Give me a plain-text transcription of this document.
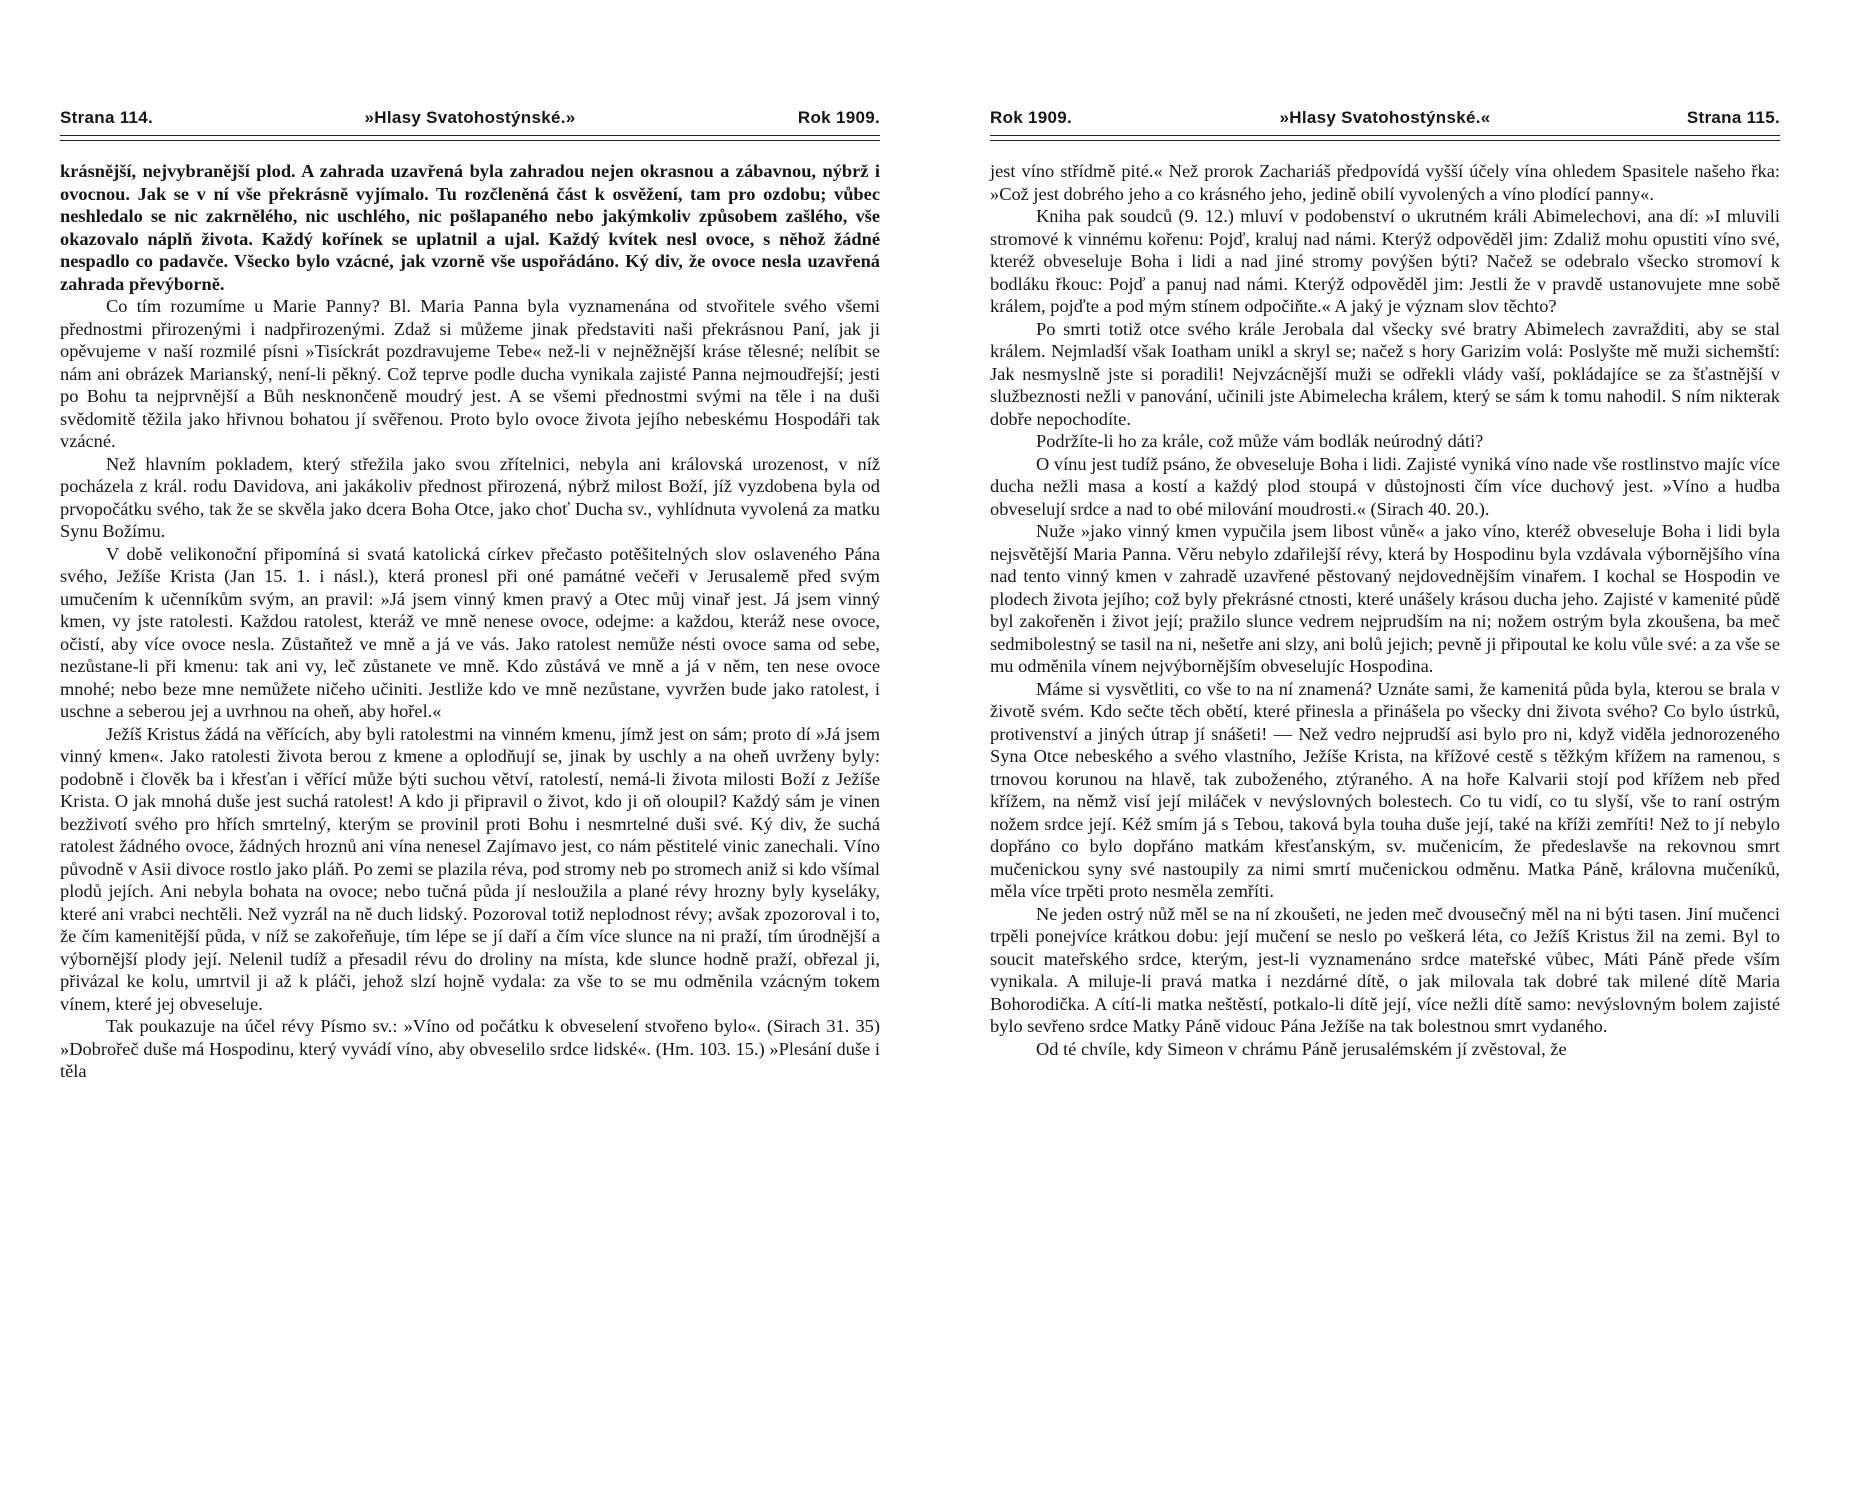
Strana 114.	»Hlasy Svatohostýnské.»	Rok 1909.

krásnější, nejvybranější plod. A zahrada uzavřená byla zahradou nejen okrasnou a zábavnou, nýbrž i ovocnou. Jak se v ní vše překrásně vyjímalo. Tu rozčleněná část k osvěžení, tam pro ozdobu; vůbec neshledalo se nic zakrnělého, nic uschlého, nic pošlapaného nebo jakýmkoliv způsobem zašlého, vše okazovalo náplň života. Každý kořínek se uplatnil a ujal. Každý kvítek nesl ovoce, s něhož žádné nespadlo co padavče. Všecko bylo vzácné, jak vzorně vše uspořádáno. Ký div, že ovoce nesla uzavřená zahrada převýborně.

Co tím rozumíme u Marie Panny? Bl. Maria Panna byla vyznamenána od stvořitele svého všemi přednostmi přirozenými i nadpřirozenými. Zdaž si můžeme jinak představiti naši překrásnou Paní, jak ji opěvujeme v naší rozmilé písni »Tisíckrát pozdravujeme Tebe« než-li v nejněžnější kráse tělesné; nelíbit se nám ani obrázek Marianský, není-li pěkný. Což teprve podle ducha vynikala zajisté Panna nejmoudřejší; jesti po Bohu ta nejprvnější a Bůh nesknončeně moudrý jest. A se všemi přednostmi svými na těle i na duši svědomitě těžila jako hřivnou bohatou jí svěřenou. Proto bylo ovoce života jejího nebeskému Hospodáři tak vzácné.

Než hlavním pokladem, který střežila jako svou zřítelnici, nebyla ani královská urozenost, v níž pocházela z král. rodu Davidova, ani jakákoliv přednost přirozená, nýbrž milost Boží, jíž vyzdobena byla od prvopočátku svého, tak že se skvěla jako dcera Boha Otce, jako choť Ducha sv., vyhlídnuta vyvolená za matku Synu Božímu.

V době velikonoční připomíná si svatá katolická církev přečasto potěšitelných slov oslaveného Pána svého, Ježíše Krista (Jan 15. 1. i násl.), která pronesl při oné památné večeři v Jerusalemě před svým umučením k učenníkům svým, an pravil: »Já jsem vinný kmen pravý a Otec můj vinař jest. Já jsem vinný kmen, vy jste ratolesti. Každou ratolest, kteráž ve mně nenese ovoce, odejme: a každou, kteráž nese ovoce, očistí, aby více ovoce nesla. Zůstaňtež ve mně a já ve vás. Jako ratolest nemůže nésti ovoce sama od sebe, nezůstane-li při kmenu: tak ani vy, leč zůstanete ve mně. Kdo zůstává ve mně a já v něm, ten nese ovoce mnohé; nebo beze mne nemůžete ničeho učiniti. Jestliže kdo ve mně nezůstane, vyvržen bude jako ratolest, i uschne a seberou jej a uvrhnou na oheň, aby hořel.«

Ježíš Kristus žádá na věřících, aby byli ratolestmi na vinném kmenu, jímž jest on sám; proto dí »Já jsem vinný kmen«. Jako ratolesti života berou z kmene a oplodňují se, jinak by uschly a na oheň uvrženy byly: podobně i člověk ba i křesťan i věřící může býti suchou větví, ratolestí, nemá-li života milosti Boží z Ježíše Krista. O jak mnohá duše jest suchá ratolest! A kdo ji připravil o život, kdo ji oň oloupil? Každý sám je vinen bezživotí svého pro hřích smrtelný, kterým se provinil proti Bohu i nesmrtelné duši své. Ký div, že suchá ratolest žádného ovoce, žádných hroznů ani vína nenesel Zajímavo jest, co nám pěstitelé vinic zanechali. Víno původně v Asii divoce rostlo jako pláň. Po zemi se plazila réva, pod stromy neb po stromech aniž si kdo všímal plodů jejích. Ani nebyla bohata na ovoce; nebo tučná půda jí nesloužila a plané révy hrozny byly kyseláky, které ani vrabci nechtěli. Než vyzrál na ně duch lidský. Pozoroval totiž neplodnost révy; avšak zpozoroval i to, že čím kamenitější půda, v níž se zakořeňuje, tím lépe se jí daří a čím více slunce na ni praží, tím úrodnější a výbornější plody její. Nelenil tudíž a přesadil révu do droliny na místa, kde slunce hodně praží, obřezal ji, přivázal ke kolu, umrtvil ji až k pláči, jehož slzí hojně vydala: za vše to se mu odměnila vzácným tokem vínem, které jej obveseluje.

Tak poukazuje na účel révy Písmo sv.: »Víno od počátku k obveselení stvořeno bylo«. (Sirach 31. 35) »Dobrořeč duše má Hospodinu, který vyvádí víno, aby obveselilo srdce lidské«. (Hm. 103. 15.) »Plesání duše i těla

Rok 1909.	»Hlasy Svatohostýnské.«	Strana 115.

jest víno střídmě pité.« Než prorok Zachariáš předpovídá vyšší účely vína ohledem Spasitele našeho řka: »Což jest dobrého jeho a co krásného jeho, jedině obilí vyvolených a víno plodící panny«.

Kniha pak soudců (9. 12.) mluví v podobenství o ukrutném králi Abimelechovi, ana dí: »I mluvili stromové k vinnému kořenu: Pojď, kraluj nad námi. Kterýž odpověděl jim: Zdaliž mohu opustiti víno své, kteréž obveseluje Boha i lidi a nad jiné stromy povýšen býti? Načež se odebralo všecko stromoví k bodláku řkouc: Pojď a panuj nad námi. Kterýž odpověděl jim: Jestli že v pravdě ustanovujete mne sobě králem, pojďte a pod mým stínem odpočiňte.« A jaký je význam slov těchto?

Po smrti totiž otce svého krále Jerobala dal všecky své bratry Abimelech zavražditi, aby se stal králem. Nejmladší však Ioatham unikl a skryl se; načež s hory Garizim volá: Poslyšte mě muži sichemští: Jak nesmyslně jste si poradili! Nejvzácnější muži se odřekli vlády vaší, pokládajíce se za šťastnější v službeznosti nežli v panování, učinili jste Abimelecha králem, který se sám k tomu nahodil. S ním nikterak dobře nepochodíte.

Podržíte-li ho za krále, což může vám bodlák neúrodný dáti?

O vínu jest tudíž psáno, že obveseluje Boha i lidi. Zajisté vyniká víno nade vše rostlinstvo majíc více ducha nežli masa a kostí a každý plod stoupá v důstojnosti čím více duchový jest. »Víno a hudba obveselují srdce a nad to obé milování moudrosti.« (Sirach 40. 20.).

Nuže »jako vinný kmen vypučila jsem libost vůně« a jako víno, kteréž obveseluje Boha i lidi byla nejsvětější Maria Panna. Věru nebylo zdařilejší révy, která by Hospodinu byla vzdávala výbornějšího vína nad tento vinný kmen v zahradě uzavřené pěstovaný nejdovednějším vinařem. I kochal se Hospodin ve plodech života jejího; což byly překrásné ctnosti, které unášely krásou ducha jeho. Zajisté v kamenité půdě byl zakořeněn i život její; pražilo slunce vedrem nejprudším na ni; nožem ostrým byla zkoušena, ba meč sedmibolestný se tasil na ni, nešetře ani slzy, ani bolů jejich; pevně ji připoutal ke kolu vůle své: a za vše se mu odměnila vínem nejvýbornějším obveselujíc Hospodina.

Máme si vysvětliti, co vše to na ní znamená? Uznáte sami, že kamenitá půda byla, kterou se brala v životě svém. Kdo sečte těch obětí, které přinesla a přinášela po všecky dni života svého? Co bylo ústrků, protivenství a jiných útrap jí snášeti! — Než vedro nejprudší asi bylo pro ni, když viděla jednorozeného Syna Otce nebeského a svého vlastního, Ježíše Krista, na křížové cestě s těžkým křížem na ramenou, s trnovou korunou na hlavě, tak zuboženého, ztýraného. A na hoře Kalvarii stojí pod křížem neb před křížem, na němž visí její miláček v nevýslovných bolestech. Co tu vidí, co tu slyší, vše to raní ostrým nožem srdce její. Kéž smím já s Tebou, taková byla touha duše její, také na kříži zemříti! Než to jí nebylo dopřáno co bylo dopřáno matkám křesťanským, sv. mučenicím, že předeslavše na rekovnou smrt mučenickou syny své nastoupily za nimi smrtí mučenickou odměnu. Matka Páně, královna mučeníků, měla více trpěti proto nesměla zemříti.

Ne jeden ostrý nůž měl se na ní zkoušeti, ne jeden meč dvousečný měl na ni býti tasen. Jiní mučenci trpěli ponejvíce krátkou dobu: její mučení se neslo po veškerá léta, co Ježíš Kristus žil na zemi. Byl to soucit mateřského srdce, kterým, jest-li vyznamenáno srdce mateřské vůbec, Máti Páně přede vším vynikala. A miluje-li pravá matka i nezdárné dítě, o jak milovala tak dobré tak milené dítě Maria Bohorodička. A cítí-li matka neštěstí, potkalo-li dítě její, více nežli dítě samo: nevýslovným bolem zajisté bylo sevřeno srdce Matky Páně vidouc Pána Ježíše na tak bolestnou smrt vydaného.

Od té chvíle, kdy Simeon v chrámu Páně jerusalémském jí zvěstoval, že
